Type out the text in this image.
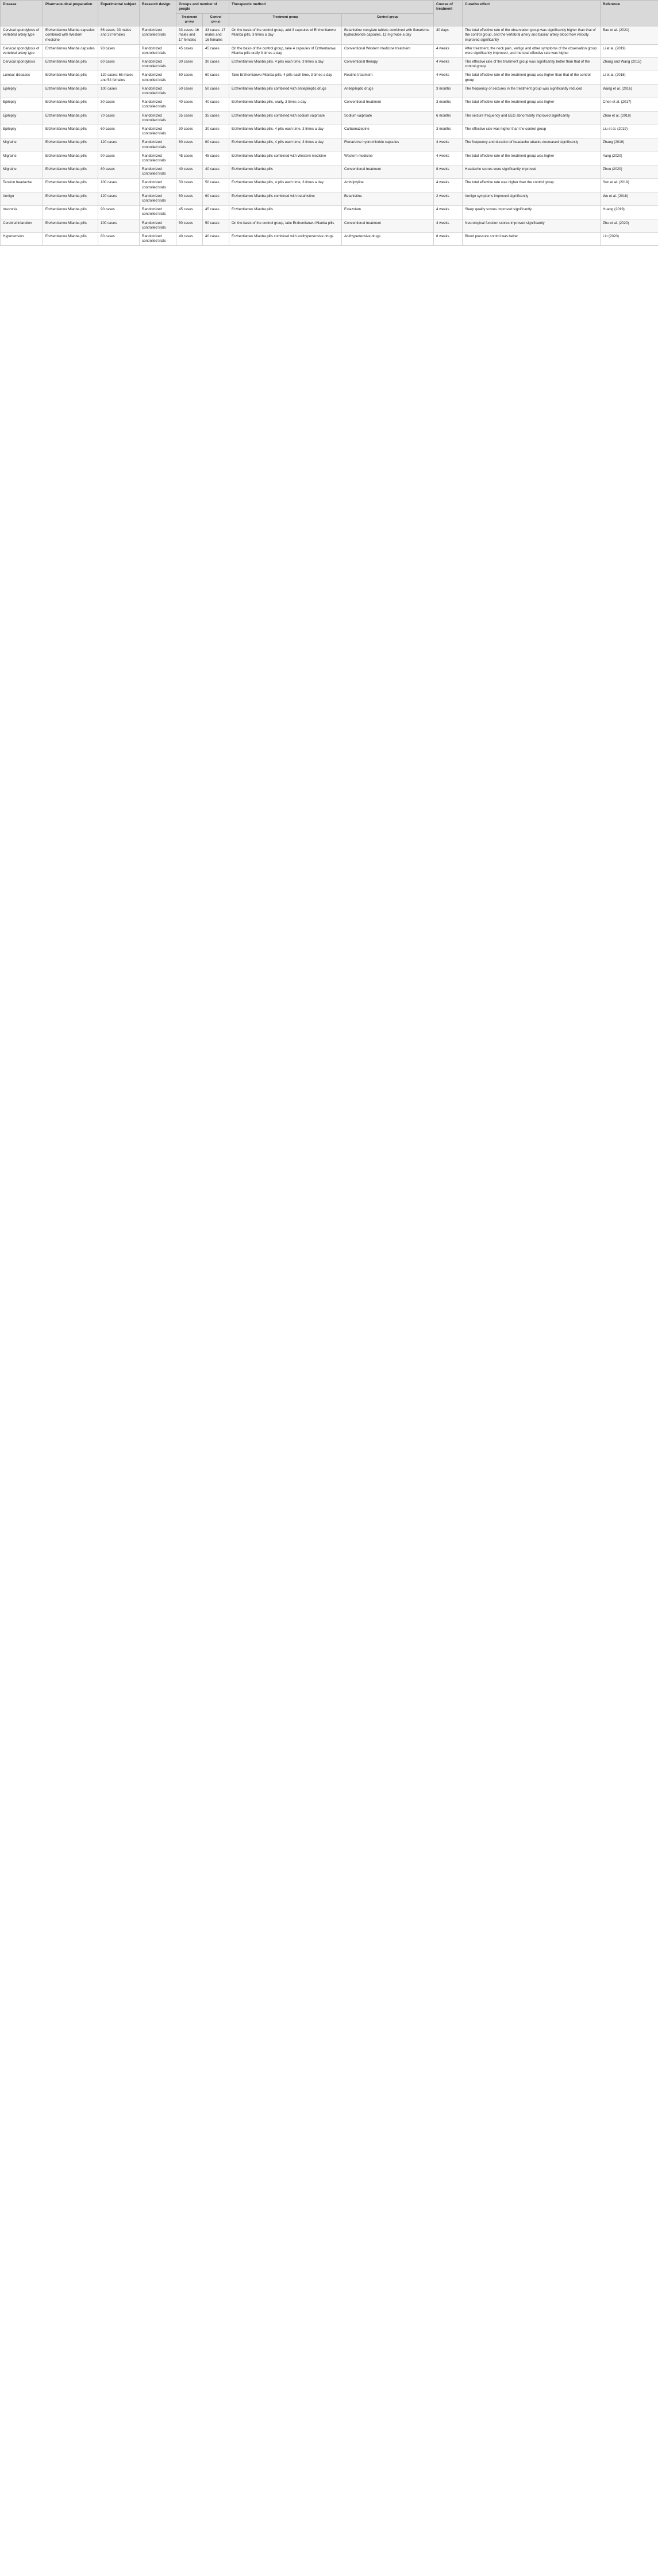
Disease	Pharmaceutical preparation	Experimental subject	Research design	Groups and number of people		Therapeutic method		Course of treatment	Curative effect	Reference
				Treatment group	Control group	Treatment group	Control group			
Cervical spondylosis of vertebral artery type	Erzhentianwu Mianba capsules combined with Western medicine	66 cases: 33 males and 33 females	Randomized controlled trials	33 cases: 16 males and 17 females	33 cases: 17 males and 16 females	On the basis of the control group, add 3 capsules of Erzhentianwu Mianba pills, 3 times a day	Betahistine mesylate tablets combined with flunarizine hydrochloride capsules, 12 mg twice a day	30 days	The total effective rate of the observation group was significantly higher than that of the control group, and the vertebral artery and basilar artery blood flow velocity improved significantly	Bao et al. (2021)
Cervical spondylosis of vertebral artery type	Erzhentianwu Mianba capsules	90 cases	Randomized controlled trials	45 cases	45 cases	On the basis of the control group, take 4 capsules of Erzhentianwu Mianba pills orally 3 times a day	Conventional Western medicine treatment	4 weeks	After treatment, the neck pain, vertigo and other symptoms of the observation group were significantly improved, and the total effective rate was higher	Li et al. (2019)
Cervical spondylosis	Erzhentianwu Mianba pills	60 cases	Randomized controlled trials	30 cases	30 cases	Erzhentianwu Mianba pills, 4 pills each time, 3 times a day	Conventional therapy	4 weeks	The effective rate of the treatment group was significantly better than that of the control group	Zhang and Wang (2015)
Lumbar diseases	Erzhentianwu Mianba pills	120 cases: 66 males and 54 females	Randomized controlled trials	60 cases	60 cases	Take Erzhentianwu Mianba pills, 4 pills each time, 3 times a day	Routine treatment	4 weeks	The total effective rate of the treatment group was higher than that of the control group	Li et al. (2018)
Epilepsy	Erzhentianwu Mianba pills	100 cases	Randomized controlled trials	50 cases	50 cases	Erzhentianwu Mianba pills combined with antiepileptic drugs	Antiepileptic drugs	3 months	The frequency of seizures in the treatment group was significantly reduced	Wang et al. (2016)
Epilepsy	Erzhentianwu Mianba pills	80 cases	Randomized controlled trials	40 cases	40 cases	Erzhentianwu Mianba pills, orally, 3 times a day	Conventional treatment	3 months	The total effective rate of the treatment group was higher	Chen et al. (2017)
Epilepsy	Erzhentianwu Mianba pills	70 cases	Randomized controlled trials	35 cases	35 cases	Erzhentianwu Mianba pills combined with sodium valproate	Sodium valproate	6 months	The seizure frequency and EEG abnormality improved significantly	Zhao et al. (2018)
Epilepsy	Erzhentianwu Mianba pills	60 cases	Randomized controlled trials	30 cases	30 cases	Erzhentianwu Mianba pills, 4 pills each time, 3 times a day	Carbamazepine	3 months	The effective rate was higher than the control group	Liu et al. (2019)
Migraine	Erzhentianwu Mianba pills	120 cases	Randomized controlled trials	60 cases	60 cases	Erzhentianwu Mianba pills, 4 pills each time, 3 times a day	Flunarizine hydrochloride capsules	4 weeks	The frequency and duration of headache attacks decreased significantly	Zhang (2019)
Migraine	Erzhentianwu Mianba pills	90 cases	Randomized controlled trials	45 cases	45 cases	Erzhentianwu Mianba pills combined with Western medicine	Western medicine	4 weeks	The total effective rate of the treatment group was higher	Yang (2020)
Migraine	Erzhentianwu Mianba pills	80 cases	Randomized controlled trials	40 cases	40 cases	Erzhentianwu Mianba pills	Conventional treatment	8 weeks	Headache scores were significantly improved	Zhou (2020)
Tension headache	Erzhentianwu Mianba pills	100 cases	Randomized controlled trials	50 cases	50 cases	Erzhentianwu Mianba pills, 4 pills each time, 3 times a day	Amitriptyline	4 weeks	The total effective rate was higher than the control group	Sun et al. (2019)
Vertigo	Erzhentianwu Mianba pills	120 cases	Randomized controlled trials	60 cases	60 cases	Erzhentianwu Mianba pills combined with betahistine	Betahistine	2 weeks	Vertigo symptoms improved significantly	Wu et al. (2018)
Insomnia	Erzhentianwu Mianba pills	90 cases	Randomized controlled trials	45 cases	45 cases	Erzhentianwu Mianba pills	Estazolam	4 weeks	Sleep quality scores improved significantly	Huang (2019)
Cerebral infarction	Erzhentianwu Mianba pills	100 cases	Randomized controlled trials	50 cases	50 cases	On the basis of the control group, take Erzhentianwu Mianba pills	Conventional treatment	4 weeks	Neurological function scores improved significantly	Zhu et al. (2020)
Hypertension	Erzhentianwu Mianba pills	80 cases	Randomized controlled trials	40 cases	40 cases	Erzhentianwu Mianba pills combined with antihypertensive drugs	Antihypertensive drugs	8 weeks	Blood pressure control was better	Lin (2020)
